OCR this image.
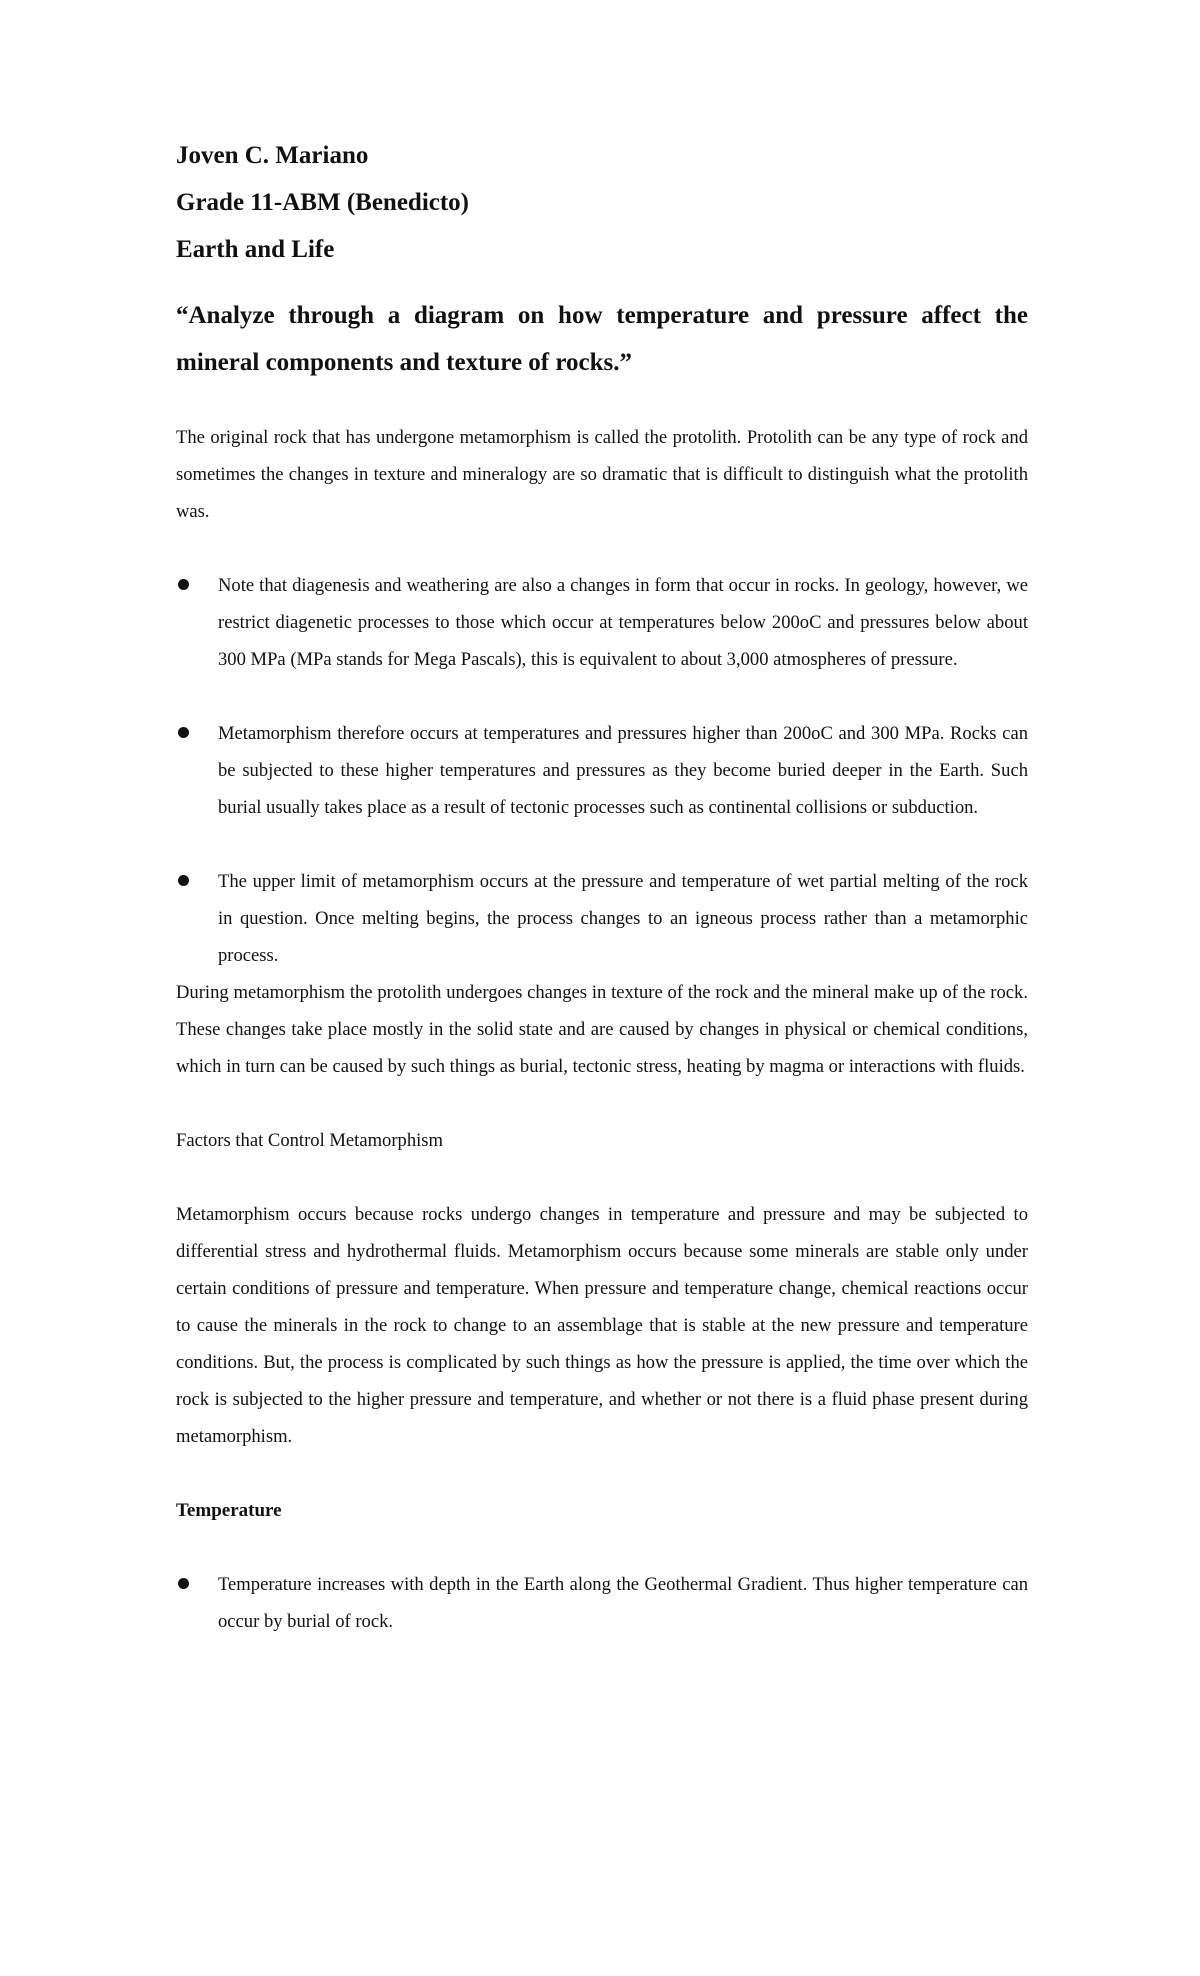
Joven C. Mariano
Grade 11-ABM (Benedicto)
Earth and Life
“Analyze through a diagram on how temperature and pressure affect the mineral components and texture of rocks.”

The original rock that has undergone metamorphism is called the protolith. Protolith can be any type of rock and sometimes the changes in texture and mineralogy are so dramatic that is difficult to distinguish what the protolith was.

Note that diagenesis and weathering are also a changes in form that occur in rocks. In geology, however, we restrict diagenetic processes to those which occur at temperatures below 200oC and pressures below about 300 MPa (MPa stands for Mega Pascals), this is equivalent to about 3,000 atmospheres of pressure.

Metamorphism therefore occurs at temperatures and pressures higher than 200oC and 300 MPa. Rocks can be subjected to these higher temperatures and pressures as they become buried deeper in the Earth. Such burial usually takes place as a result of tectonic processes such as continental collisions or subduction.

The upper limit of metamorphism occurs at the pressure and temperature of wet partial melting of the rock in question. Once melting begins, the process changes to an igneous process rather than a metamorphic process.

During metamorphism the protolith undergoes changes in texture of the rock and the mineral make up of the rock. These changes take place mostly in the solid state and are caused by changes in physical or chemical conditions, which in turn can be caused by such things as burial, tectonic stress, heating by magma or interactions with fluids.

Factors that Control Metamorphism

Metamorphism occurs because rocks undergo changes in temperature and pressure and may be subjected to differential stress and hydrothermal fluids. Metamorphism occurs because some minerals are stable only under certain conditions of pressure and temperature. When pressure and temperature change, chemical reactions occur to cause the minerals in the rock to change to an assemblage that is stable at the new pressure and temperature conditions. But, the process is complicated by such things as how the pressure is applied, the time over which the rock is subjected to the higher pressure and temperature, and whether or not there is a fluid phase present during metamorphism.

Temperature

Temperature increases with depth in the Earth along the Geothermal Gradient. Thus higher temperature can occur by burial of rock.
